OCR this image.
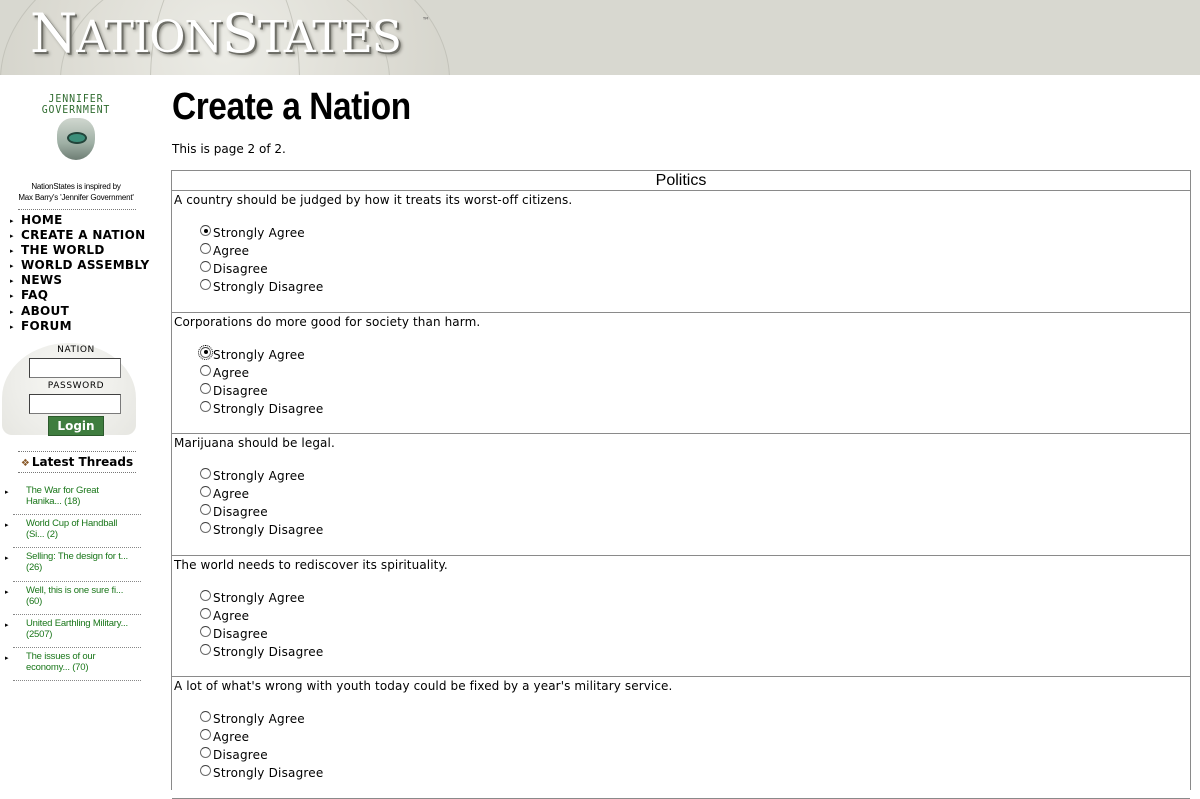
NATIONSTATES	™
JENNIFER
GOVERNMENT
NationStates is inspired by
Max Barry's 'Jennifer Government'
▸ HOME
▸ CREATE A NATION
▸ THE WORLD
▸ WORLD ASSEMBLY
▸ NEWS
▸ FAQ
▸ ABOUT
▸ FORUM
NATION
PASSWORD
Login
❖ Latest Threads
▸ The War for Great
Hanika... (18)
▸ World Cup of Handball
(Si... (2)
▸ Selling: The design for t...
(26)
▸ Well, this is one sure fi...
(60)
▸ United Earthling Military...
(2507)
▸ The issues of our
economy... (70)
Create a Nation
This is page 2 of 2.
Politics
A country should be judged by how it treats its worst-off citizens.
Strongly Agree
Agree
Disagree
Strongly Disagree
Corporations do more good for society than harm.
Strongly Agree
Agree
Disagree
Strongly Disagree
Marijuana should be legal.
Strongly Agree
Agree
Disagree
Strongly Disagree
The world needs to rediscover its spirituality.
Strongly Agree
Agree
Disagree
Strongly Disagree
A lot of what's wrong with youth today could be fixed by a year's military service.
Strongly Agree
Agree
Disagree
Strongly Disagree
